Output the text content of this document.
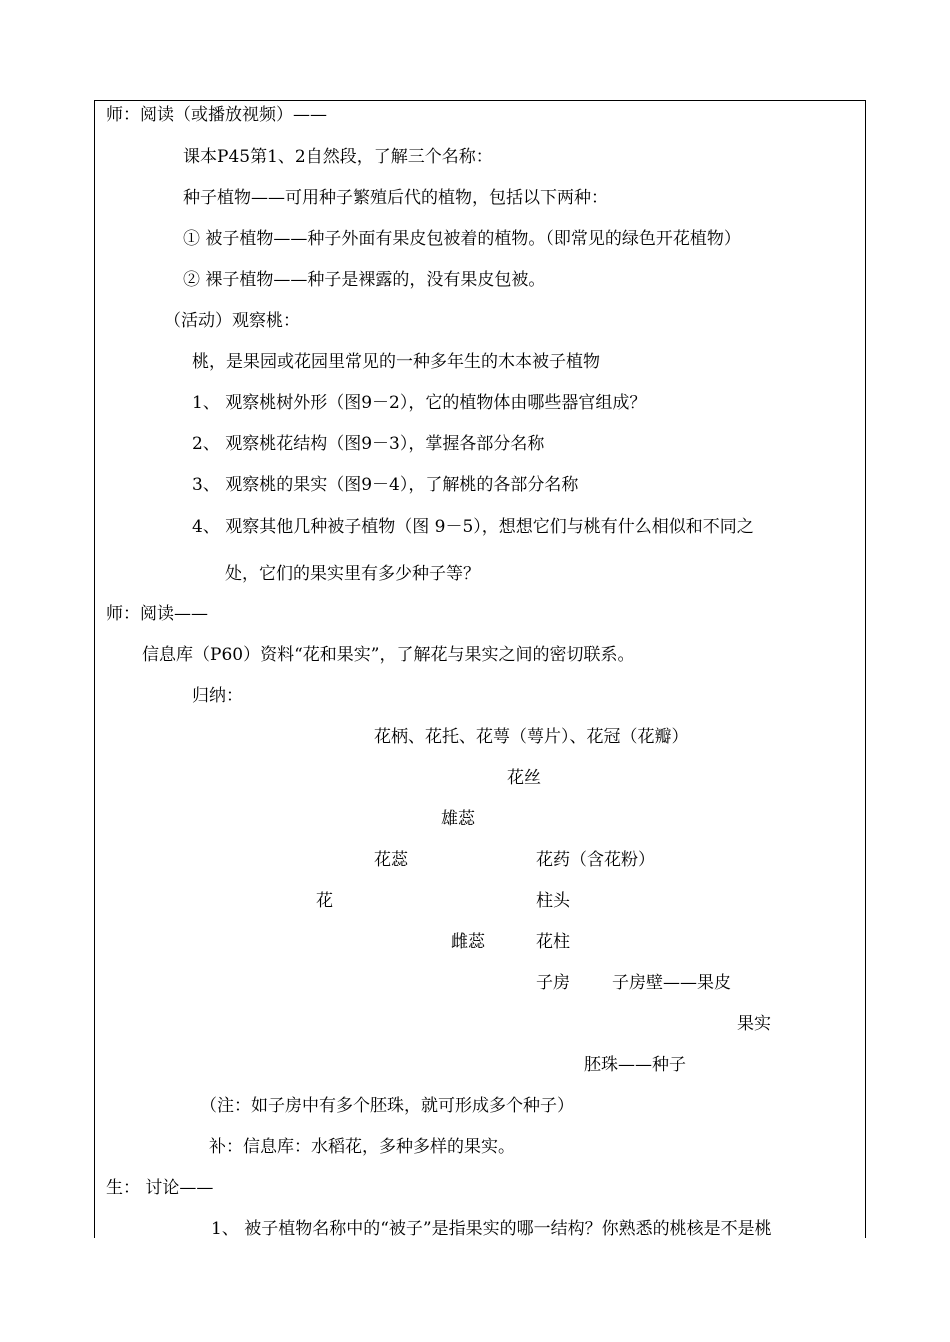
师：阅读（或播放视频）——
课本P45第1、2自然段，了解三个名称：
种子植物——可用种子繁殖后代的植物，包括以下两种：
① 被子植物——种子外面有果皮包被着的植物。（即常见的绿色开花植物）
② 裸子植物——种子是裸露的，没有果皮包被。
（活动）观察桃：
桃，是果园或花园里常见的一种多年生的木本被子植物
1、 观察桃树外形（图9－2），它的植物体由哪些器官组成？
2、 观察桃花结构（图9－3），掌握各部分名称
3、 观察桃的果实（图9－4），了解桃的各部分名称
4、 观察其他几种被子植物（图 9－5），想想它们与桃有什么相似和不同之
处，它们的果实里有多少种子等？
师：阅读——
信息库（P60）资料“花和果实”，了解花与果实之间的密切联系。
归纳：
花柄、花托、花萼（萼片）、花冠（花瓣）
花丝
雄蕊
花蕊	花药（含花粉）
花	柱头
雌蕊	花柱
子房 子房壁——果皮
果实
胚珠——种子
（注：如子房中有多个胚珠，就可形成多个种子）
补：信息库：水稻花，多种多样的果实。
生： 讨论——
1、 被子植物名称中的“被子”是指果实的哪一结构？你熟悉的桃核是不是桃
